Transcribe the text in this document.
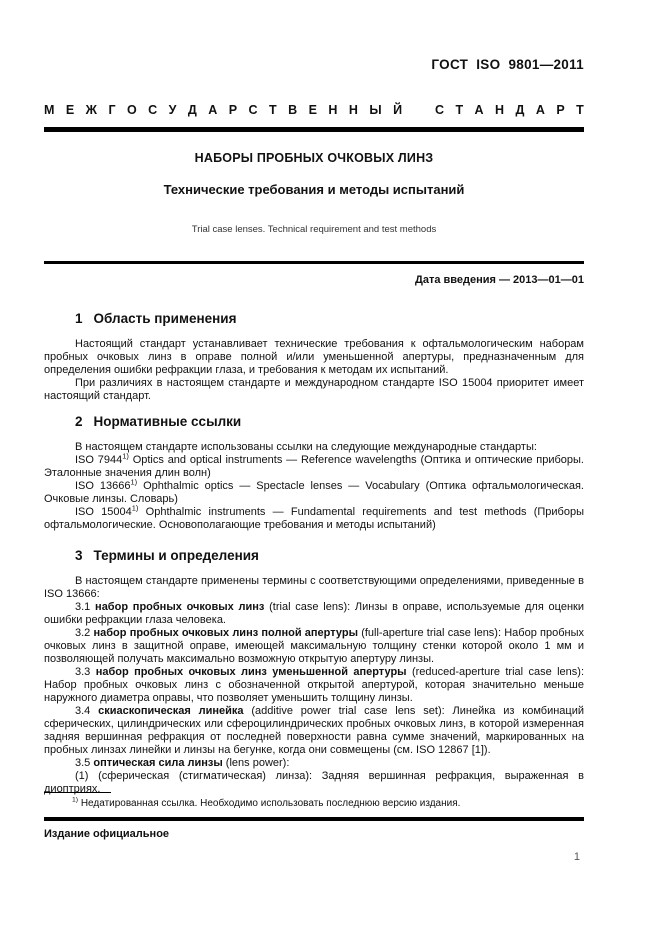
ГОСТ ISO 9801—2011
М Е Ж Г О С У Д А Р С Т В Е Н Н Ы Й	С Т А Н Д А Р Т
НАБОРЫ ПРОБНЫХ ОЧКОВЫХ ЛИНЗ
Технические требования и методы испытаний
Trial case lenses. Technical requirement and test methods
Дата введения — 2013—01—01
1 Область применения

Настоящий стандарт устанавливает технические требования к офтальмологическим наборам пробных очковых линз в оправе полной и/или уменьшенной апертуры, предназначенным для определения ошибки рефракции глаза, и требования к методам их испытаний.

При различиях в настоящем стандарте и международном стандарте ISO 15004 приоритет имеет настоящий стандарт.

2 Нормативные ссылки

В настоящем стандарте использованы ссылки на следующие международные стандарты:

ISO 7944$^{1)}$ Optics and optical instruments — Reference wavelengths (Оптика и оптические приборы. Эталонные значения длин волн)

ISO 13666$^{1)}$ Ophthalmic optics — Spectacle lenses — Vocabulary (Оптика офтальмологическая. Очковые линзы. Словарь)

ISO 15004$^{1)}$ Ophthalmic instruments — Fundamental requirements and test methods (Приборы офтальмологические. Основополагающие требования и методы испытаний)

3 Термины и определения

В настоящем стандарте применены термины с соответствующими определениями, приведенные в ISO 13666:

3.1 набор пробных очковых линз (trial case lens): Линзы в оправе, используемые для оценки ошибки рефракции глаза человека.

3.2 набор пробных очковых линз полной апертуры (full-aperture trial case lens): Набор пробных очковых линз в защитной оправе, имеющей максимальную толщину стенки которой около 1 мм и позволяющей получать максимально возможную открытую апертуру линзы.

3.3 набор пробных очковых линз уменьшенной апертуры (reduced-aperture trial case lens): Набор пробных очковых линз с обозначенной открытой апертурой, которая значительно меньше наружного диаметра оправы, что позволяет уменьшить толщину линзы.

3.4 скиаскопическая линейка (additive power trial case lens set): Линейка из комбинаций сферических, цилиндрических или сфероцилиндрических пробных очковых линз, в которой измеренная задняя вершинная рефракция от последней поверхности равна сумме значений, маркированных на пробных линзах линейки и линзы на бегунке, когда они совмещены (см. ISO 12867 [1]).

3.5 оптическая сила линзы (lens power):

(1) (сферическая (стигматическая) линза): Задняя вершинная рефракция, выраженная в диоптриях.

$^{1)}$ Недатированная ссылка. Необходимо использовать последнюю версию издания.
Издание официальное
1
